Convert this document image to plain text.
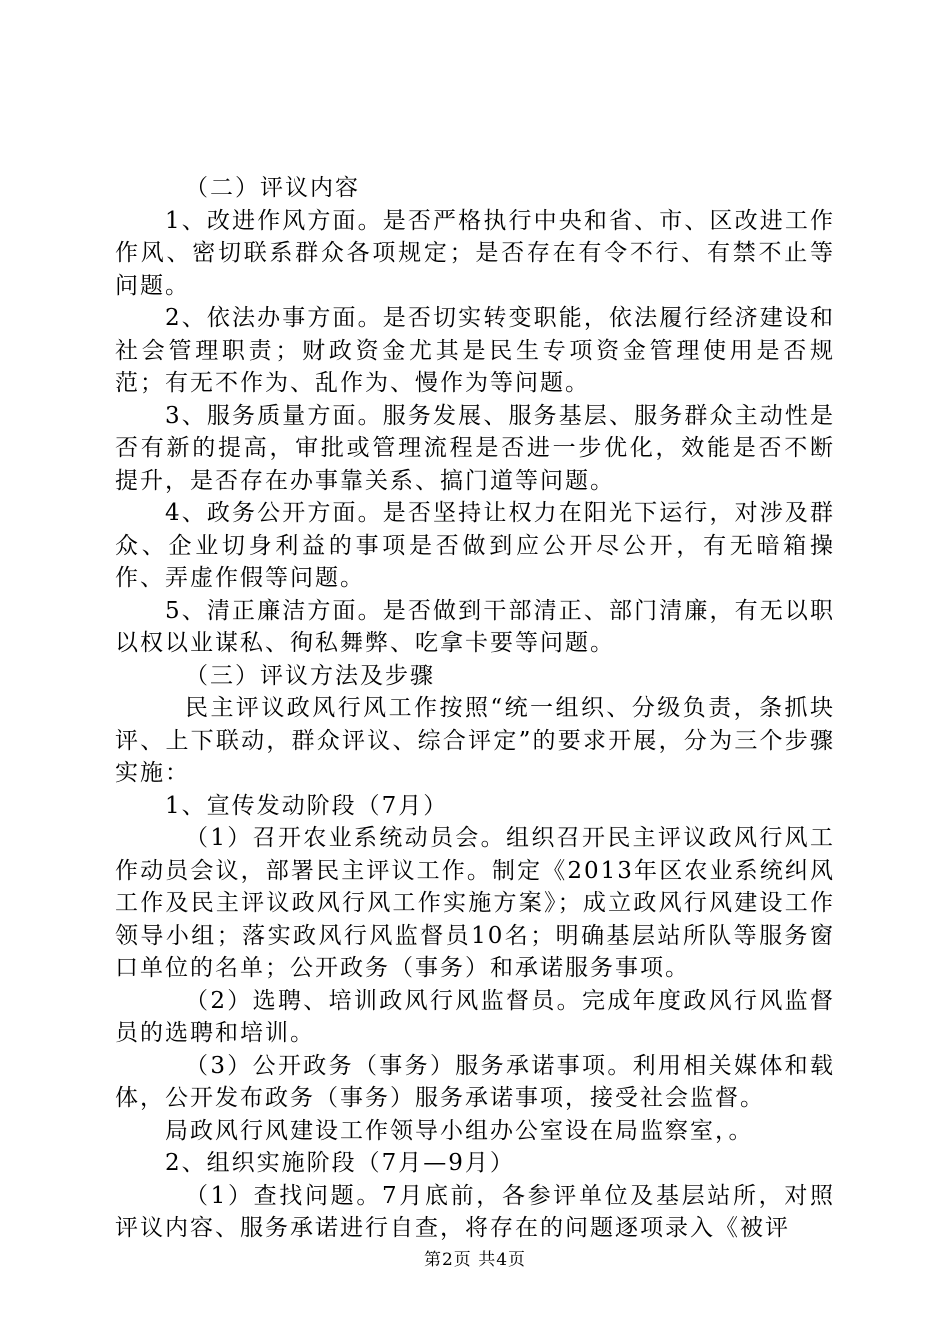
（二）评议内容

1、改进作风方面。是否严格执行中央和省、市、区改进工作作风、密切联系群众各项规定；是否存在有令不行、有禁不止等问题。

2、依法办事方面。是否切实转变职能，依法履行经济建设和社会管理职责；财政资金尤其是民生专项资金管理使用是否规范；有无不作为、乱作为、慢作为等问题。

3、服务质量方面。服务发展、服务基层、服务群众主动性是否有新的提高，审批或管理流程是否进一步优化，效能是否不断提升，是否存在办事靠关系、搞门道等问题。

4、政务公开方面。是否坚持让权力在阳光下运行，对涉及群众、企业切身利益的事项是否做到应公开尽公开，有无暗箱操作、弄虚作假等问题。

5、清正廉洁方面。是否做到干部清正、部门清廉，有无以职以权以业谋私、徇私舞弊、吃拿卡要等问题。

（三）评议方法及步骤

民主评议政风行风工作按照“统一组织、分级负责，条抓块评、上下联动，群众评议、综合评定”的要求开展，分为三个步骤实施：

1、宣传发动阶段（7月）

（1）召开农业系统动员会。组织召开民主评议政风行风工作动员会议，部署民主评议工作。制定《2013年区农业系统纠风工作及民主评议政风行风工作实施方案》；成立政风行风建设工作领导小组；落实政风行风监督员10名；明确基层站所队等服务窗口单位的名单；公开政务（事务）和承诺服务事项。

（2）选聘、培训政风行风监督员。完成年度政风行风监督员的选聘和培训。

（3）公开政务（事务）服务承诺事项。利用相关媒体和载体，公开发布政务（事务）服务承诺事项，接受社会监督。

局政风行风建设工作领导小组办公室设在局监察室，。

2、组织实施阶段（7月—9月）

（1）查找问题。7月底前，各参评单位及基层站所，对照评议内容、服务承诺进行自查，将存在的问题逐项录入《被评

第2页 共4页
